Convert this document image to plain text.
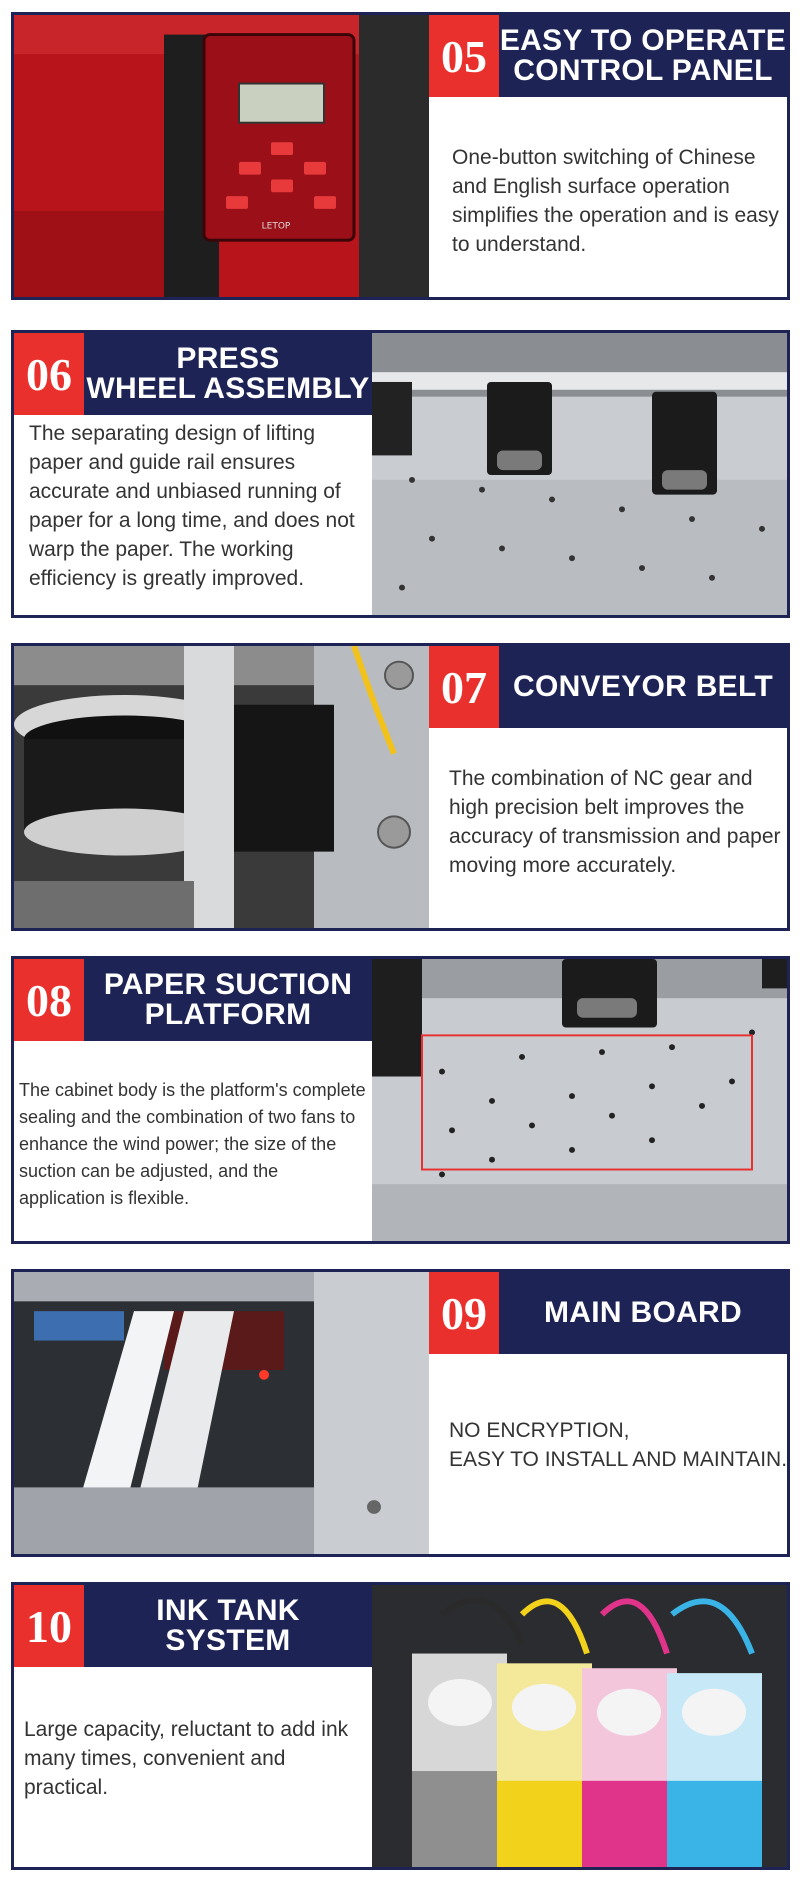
LETOP
05 EASY TO OPERATE
CONTROL PANEL
One-button switching of Chinese and English surface operation simplifies the operation and is easy to understand.
06	PRESS
WHEEL ASSEMBLY
The separating design of lifting paper and guide rail ensures accurate and unbiased running of paper for a long time, and does not warp the paper. The working efficiency is greatly improved.
07 CONVEYOR BELT
The combination of NC gear and high precision belt improves the accuracy of transmission and paper moving more accurately.
08	PAPER SUCTION
PLATFORM
The cabinet body is the platform's complete sealing and the combination of two fans to enhance the wind power; the size of the suction can be adjusted, and the application is flexible.
09	MAIN BOARD
NO ENCRYPTION,
EASY TO INSTALL AND MAINTAIN.
10	INK TANK
SYSTEM
Large capacity, reluctant to add ink many times, convenient and practical.
